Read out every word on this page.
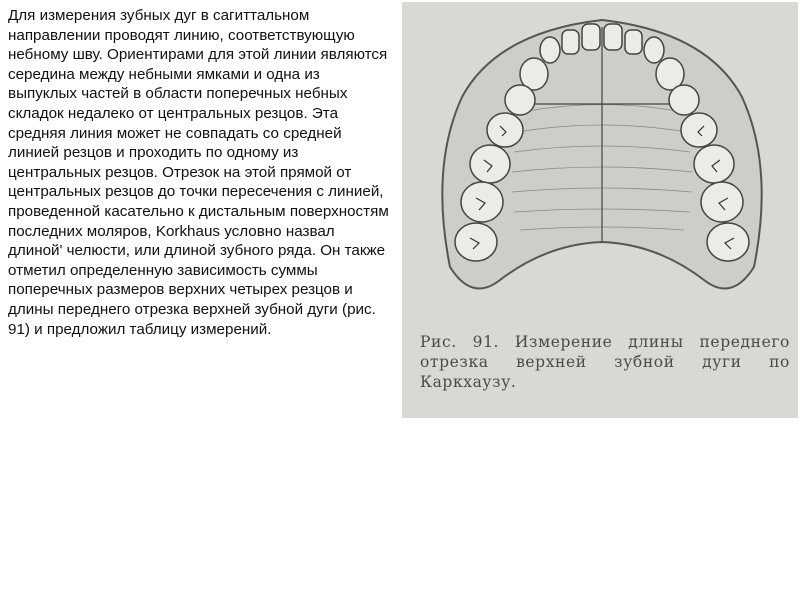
Для измерения зубных дуг в сагиттальном направлении проводят линию, соответствующую небному шву. Ориентирами для этой линии являются середина между небными ямками и одна из выпуклых частей в области поперечных небных складок недалеко от центральных резцов. Эта средняя линия может не совпадать со средней линией резцов и проходить по одному из центральных резцов. Отрезок на этой прямой от центральных резцов до точки пересечения с линией, проведенной касательно к дистальным поверхностям последних моляров, Korkhaus условно назвал длиной' челюсти, или длиной зубного ряда. Он также отметил определенную зависимость суммы поперечных размеров верхних четырех резцов и длины переднего отрезка верхней зубной дуги (рис. 91) и предложил таблицу измерений.

Рис. 91. Измерение длины переднего
отрезка верхней зубной дуги по
Каркхаузу.
